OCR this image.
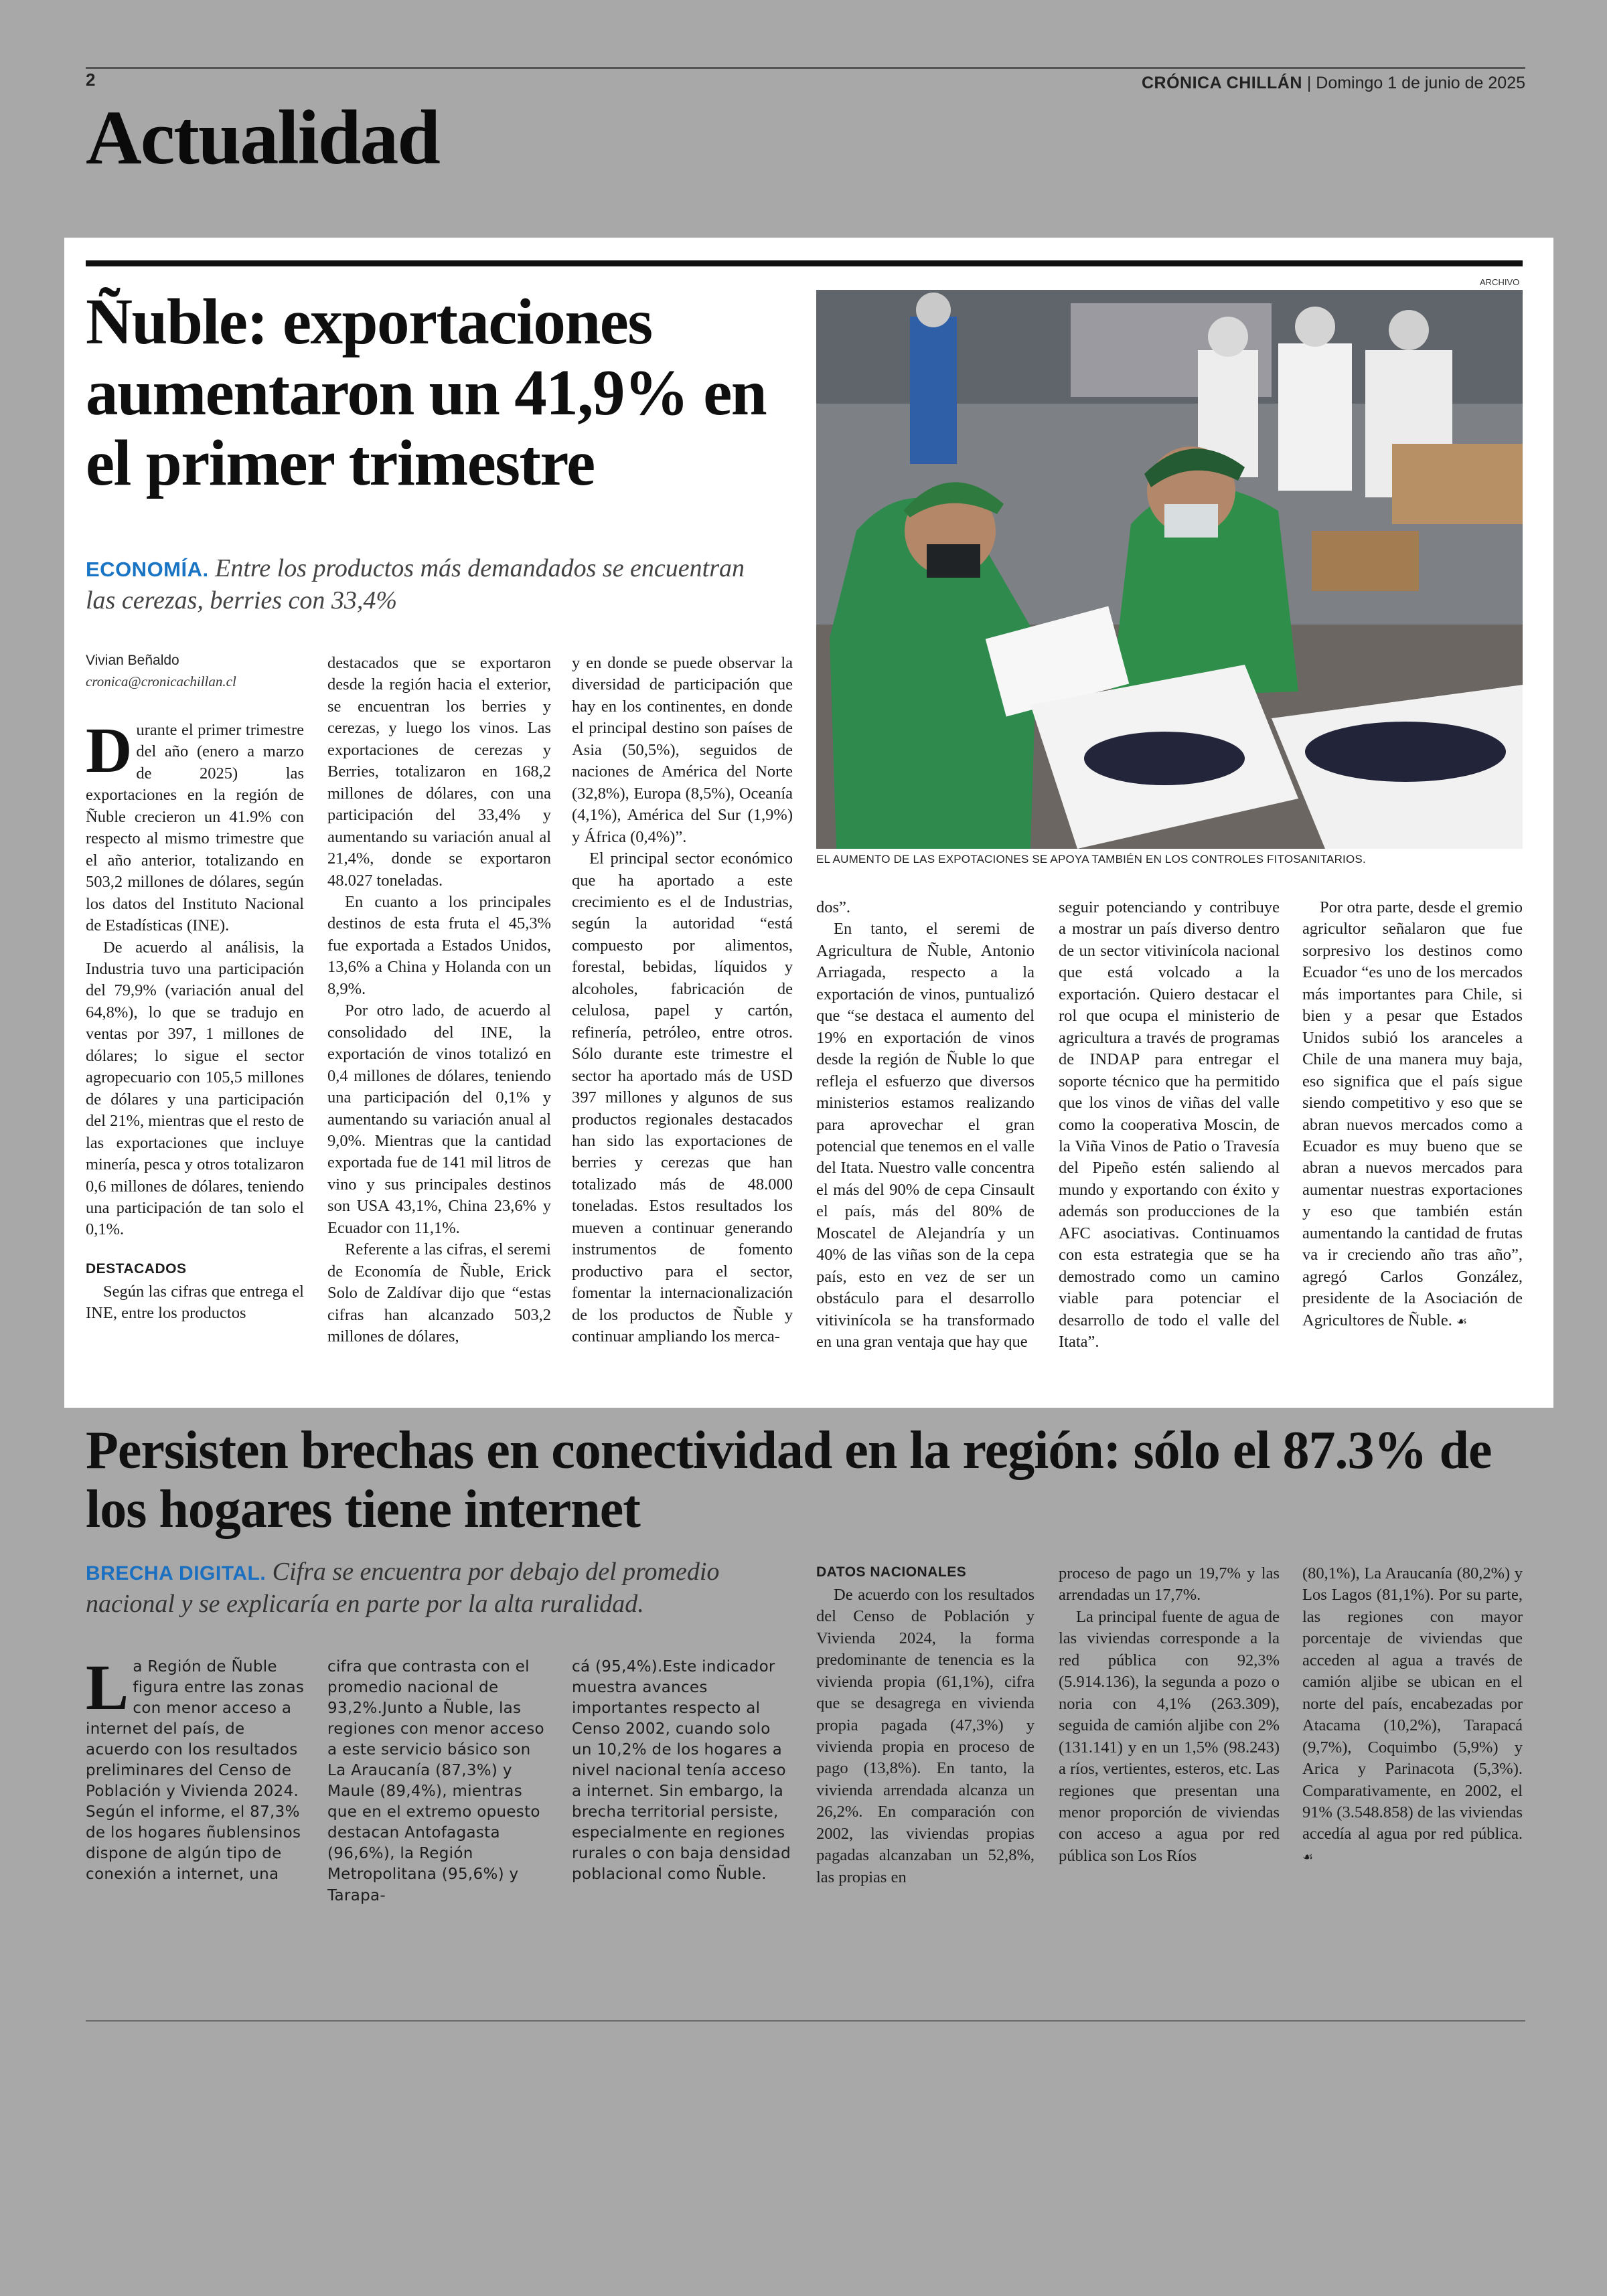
2	CRÓNICA CHILLÁN | Domingo 1 de junio de 2025
Actualidad
Ñuble: exportaciones aumentaron un 41,9% en el primer trimestre
ECONOMÍA. Entre los productos más demandados se encuentran las cerezas, berries con 33,4%
ARCHIVO
EL AUMENTO DE LAS EXPOTACIONES SE APOYA TAMBIÉN EN LOS CONTROLES FITOSANITARIOS.
Vivian Beñaldo
cronica@cronicachillan.cl

Durante el primer trimestre del año (enero a marzo de 2025) las exportaciones en la región de Ñuble crecieron un 41.9% con respecto al mismo trimestre que el año anterior, totalizando en 503,2 millones de dólares, según los datos del Instituto Nacional de Estadísticas (INE).

De acuerdo al análisis, la Industria tuvo una participación del 79,9% (variación anual del 64,8%), lo que se tradujo en ventas por 397, 1 millones de dólares; lo sigue el sector agropecuario con 105,5 millones de dólares y una participación del 21%, mientras que el resto de las exportaciones que incluye minería, pesca y otros totalizaron 0,6 millones de dólares, teniendo una participación de tan solo el 0,1%.

DESTACADOS

Según las cifras que entrega el INE, entre los productos

destacados que se exportaron desde la región hacia el exterior, se encuentran los berries y cerezas, y luego los vinos. Las exportaciones de cerezas y Berries, totalizaron en 168,2 millones de dólares, con una participación del 33,4% y aumentando su variación anual al 21,4%, donde se exportaron 48.027 toneladas.

En cuanto a los principales destinos de esta fruta el 45,3% fue exportada a Estados Unidos, 13,6% a China y Holanda con un 8,9%.

Por otro lado, de acuerdo al consolidado del INE, la exportación de vinos totalizó en 0,4 millones de dólares, teniendo una participación del 0,1% y aumentando su variación anual al 9,0%. Mientras que la cantidad exportada fue de 141 mil litros de vino y sus principales destinos son USA 43,1%, China 23,6% y Ecuador con 11,1%.

Referente a las cifras, el seremi de Economía de Ñuble, Erick Solo de Zaldívar dijo que “estas cifras han alcanzado 503,2 millones de dólares,

y en donde se puede observar la diversidad de participación que hay en los continentes, en donde el principal destino son países de Asia (50,5%), seguidos de naciones de América del Norte (32,8%), Europa (8,5%), Oceanía (4,1%), América del Sur (1,9%) y África (0,4%)”.

El principal sector económico que ha aportado a este crecimiento es el de Industrias, según la autoridad “está compuesto por alimentos, forestal, bebidas, líquidos y alcoholes, fabricación de celulosa, papel y cartón, refinería, petróleo, entre otros. Sólo durante este trimestre el sector ha aportado más de USD 397 millones y algunos de sus productos regionales destacados han sido las exportaciones de berries y cerezas que han totalizado más de 48.000 toneladas. Estos resultados los mueven a continuar generando instrumentos de fomento productivo para el sector, fomentar la internacionalización de los productos de Ñuble y continuar ampliando los merca-

dos”.

En tanto, el seremi de Agricultura de Ñuble, Antonio Arriagada, respecto a la exportación de vinos, puntualizó que “se destaca el aumento del 19% en exportación de vinos desde la región de Ñuble lo que refleja el esfuerzo que diversos ministerios estamos realizando para aprovechar el gran potencial que tenemos en el valle del Itata. Nuestro valle concentra el más del 90% de cepa Cinsault el país, más del 80% de Moscatel de Alejandría y un 40% de las viñas son de la cepa país, esto en vez de ser un obstáculo para el desarrollo vitivinícola se ha transformado en una gran ventaja que hay que

seguir potenciando y contribuye a mostrar un país diverso dentro de un sector vitivinícola nacional que está volcado a la exportación. Quiero destacar el rol que ocupa el ministerio de agricultura a través de programas de INDAP para entregar el soporte técnico que ha permitido que los vinos de viñas del valle como la cooperativa Moscin, de la Viña Vinos de Patio o Travesía del Pipeño estén saliendo al mundo y exportando con éxito y además son producciones de la AFC asociativas. Continuamos con esta estrategia que se ha demostrado como un camino viable para potenciar el desarrollo de todo el valle del Itata”.

Por otra parte, desde el gremio agricultor señalaron que fue sorpresivo los destinos como Ecuador “es uno de los mercados más importantes para Chile, si bien y a pesar que Estados Unidos subió los aranceles a Chile de una manera muy baja, eso significa que el país sigue siendo competitivo y eso que se abran nuevos mercados como a Ecuador es muy bueno que se abran a nuevos mercados para aumentar nuestras exportaciones y eso que también están aumentando la cantidad de frutas va ir creciendo año tras año”, agregó Carlos González, presidente de la Asociación de Agricultores de Ñuble. ☙

Persisten brechas en conectividad en la región: sólo el 87.3% de los hogares tiene internet
BRECHA DIGITAL. Cifra se encuentra por debajo del promedio nacional y se explicaría en parte por la alta ruralidad.

La Región de Ñuble figura entre las zonas con menor acceso a internet del país, de acuerdo con los resultados preliminares del Censo de Población y Vivienda 2024. Según el informe, el 87,3% de los hogares ñublensinos dispone de algún tipo de conexión a internet, una

cifra que contrasta con el promedio nacional de 93,2%.Junto a Ñuble, las regiones con menor acceso a este servicio básico son La Araucanía (87,3%) y Maule (89,4%), mientras que en el extremo opuesto destacan Antofagasta (96,6%), la Región Metropolitana (95,6%) y Tarapa-

cá (95,4%).Este indicador muestra avances importantes respecto al Censo 2002, cuando solo un 10,2% de los hogares a nivel nacional tenía acceso a internet. Sin embargo, la brecha territorial persiste, especialmente en regiones rurales o con baja densidad poblacional como Ñuble.

DATOS NACIONALES

De acuerdo con los resultados del Censo de Población y Vivienda 2024, la forma predominante de tenencia es la vivienda propia (61,1%), cifra que se desagrega en vivienda propia pagada (47,3%) y vivienda propia en proceso de pago (13,8%). En tanto, la vivienda arrendada alcanza un 26,2%. En comparación con 2002, las viviendas propias pagadas alcanzaban un 52,8%, las propias en

proceso de pago un 19,7% y las arrendadas un 17,7%.

La principal fuente de agua de las viviendas corresponde a la red pública con 92,3% (5.914.136), la segunda a pozo o noria con 4,1% (263.309), seguida de camión aljibe con 2% (131.141) y en un 1,5% (98.243) a ríos, vertientes, esteros, etc. Las regiones que presentan una menor proporción de viviendas con acceso a agua por red pública son Los Ríos

(80,1%), La Araucanía (80,2%) y Los Lagos (81,1%). Por su parte, las regiones con mayor porcentaje de viviendas que acceden al agua a través de camión aljibe se ubican en el norte del país, encabezadas por Atacama (10,2%), Tarapacá (9,7%), Coquimbo (5,9%) y Arica y Parinacota (5,3%). Comparativamente, en 2002, el 91% (3.548.858) de las viviendas accedía al agua por red pública. ☙
